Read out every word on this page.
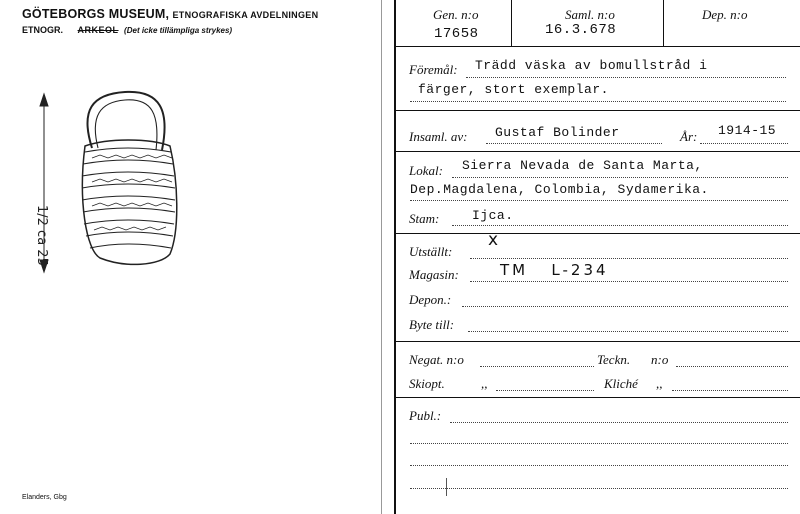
GÖTEBORGS MUSEUM, ETNOGRAFISKA AVDELNINGEN
ETNOGR. ARKEOL (Det icke tillämpliga strykes)
1/2 ca 25
Elanders, Gbg
Gen. n:o
17658
Saml. n:o
16.3.678
Dep. n:o
Föremål: Trädd väska av bomullstråd i
färger, stort exemplar.
Insaml. av: Gustaf Bolinder	År: 1914-15
Lokal: Sierra Nevada de Santa Marta,
Dep.Magdalena, Colombia, Sydamerika.
Stam:	Ijca.
Utställt:
x
Magasin:	TM   L-234
Depon.:
Byte till:
Negat. n:o	Teckn. n:o
Skiopt.	,,	Kliché ,,
Publ.:
